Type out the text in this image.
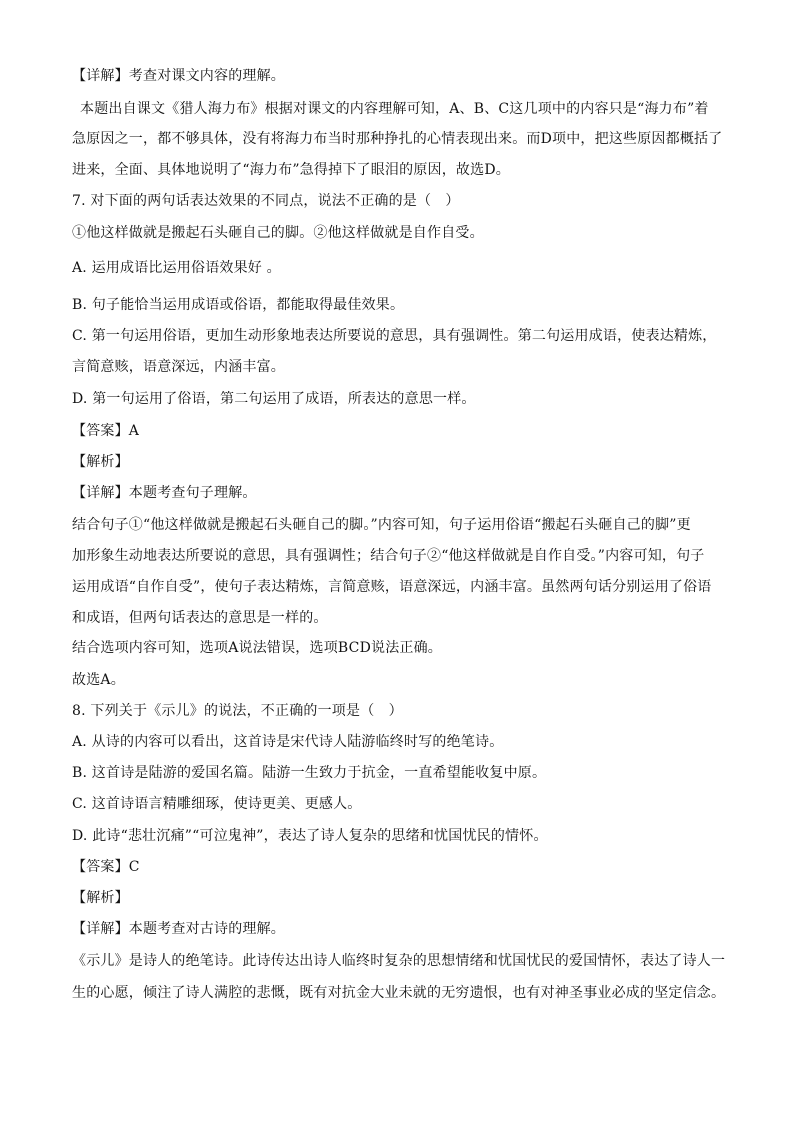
【详解】考查对课文内容的理解。
本题出自课文《猎人海力布》根据对课文的内容理解可知，A、B、C这几项中的内容只是“海力布”着
急原因之一，都不够具体，没有将海力布当时那种挣扎的心情表现出来。而D项中，把这些原因都概括了
进来，全面、具体地说明了“海力布”急得掉下了眼泪的原因，故选D。
7. 对下面的两句话表达效果的不同点，说法不正确的是（　）
①他这样做就是搬起石头砸自己的脚。②他这样做就是自作自受。
A. 运用成语比运用俗语效果好 。
B. 句子能恰当运用成语或俗语，都能取得最佳效果。
C. 第一句运用俗语，更加生动形象地表达所要说的意思，具有强调性。第二句运用成语，使表达精炼，
言简意赅，语意深远，内涵丰富。
D. 第一句运用了俗语，第二句运用了成语，所表达的意思一样。
【答案】A
【解析】
【详解】本题考查句子理解。
结合句子①“他这样做就是搬起石头砸自己的脚。”内容可知，句子运用俗语“搬起石头砸自己的脚”更
加形象生动地表达所要说的意思，具有强调性；结合句子②“他这样做就是自作自受。”内容可知，句子
运用成语“自作自受”，使句子表达精炼，言简意赅，语意深远，内涵丰富。虽然两句话分别运用了俗语
和成语，但两句话表达的意思是一样的。
结合选项内容可知，选项A说法错误，选项BCD说法正确。
故选A。
8. 下列关于《示儿》的说法，不正确的一项是（　）
A. 从诗的内容可以看出，这首诗是宋代诗人陆游临终时写的绝笔诗。
B. 这首诗是陆游的爱国名篇。陆游一生致力于抗金，一直希望能收复中原。
C. 这首诗语言精雕细琢，使诗更美、更感人。
D. 此诗“悲壮沉痛”“可泣鬼神”，表达了诗人复杂的思绪和忧国忧民的情怀。
【答案】C
【解析】
【详解】本题考查对古诗的理解。
《示儿》是诗人的绝笔诗。此诗传达出诗人临终时复杂的思想情绪和忧国忧民的爱国情怀，表达了诗人一
生的心愿，倾注了诗人满腔的悲慨，既有对抗金大业未就的无穷遗恨，也有对神圣事业必成的坚定信念。
